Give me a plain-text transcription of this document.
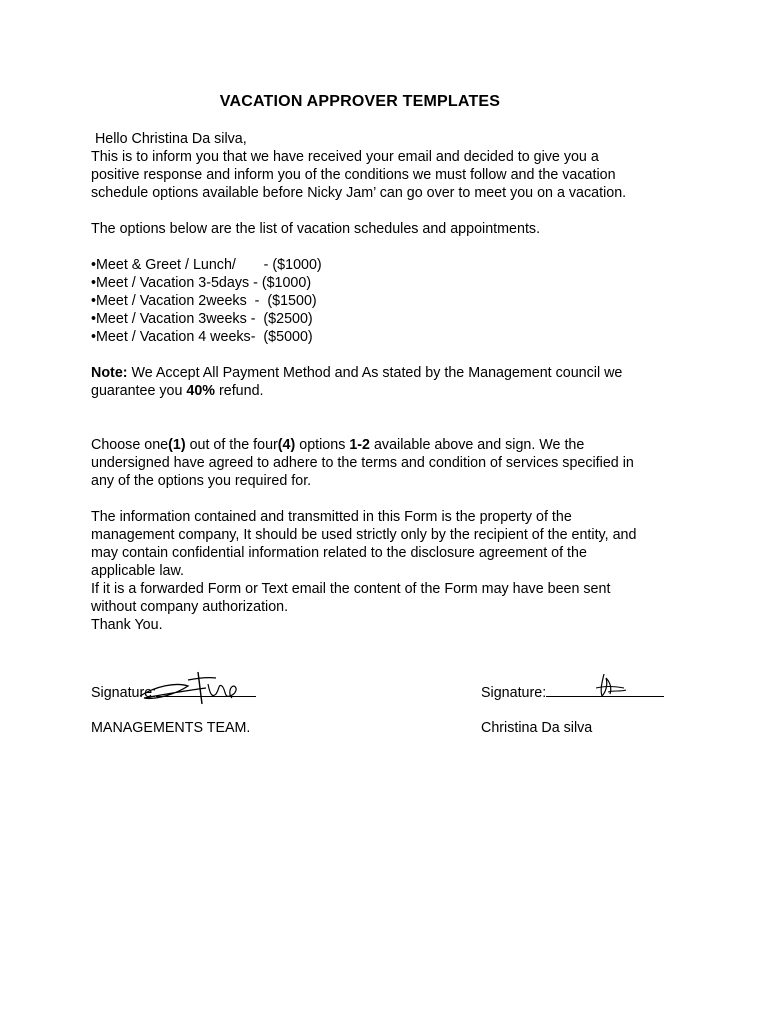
VACATION APPROVER TEMPLATES
Hello Christina Da silva,
This is to inform you that we have received your email and decided to give you a
positive response and inform you of the conditions we must follow and the vacation
schedule options available before Nicky Jam’ can go over to meet you on a vacation.
The options below are the list of vacation schedules and appointments.
•Meet & Greet / Lunch/       - ($1000)
•Meet / Vacation 3-5days - ($1000)
•Meet / Vacation 2weeks  -  ($1500)
•Meet / Vacation 3weeks -  ($2500)
•Meet / Vacation 4 weeks-  ($5000)
Note: We Accept All Payment Method and As stated by the Management council we
guarantee you 40% refund.
Choose one(1) out of the four(4) options 1-2 available above and sign. We the
undersigned have agreed to adhere to the terms and condition of services specified in
any of the options you required for.
The information contained and transmitted in this Form is the property of the
management company, It should be used strictly only by the recipient of the entity, and
may contain confidential information related to the disclosure agreement of the
applicable law.
If it is a forwarded Form or Text email the content of the Form may have been sent
without company authorization.
Thank You.
Signature:
MANAGEMENTS TEAM.
Signature:
Christina Da silva
